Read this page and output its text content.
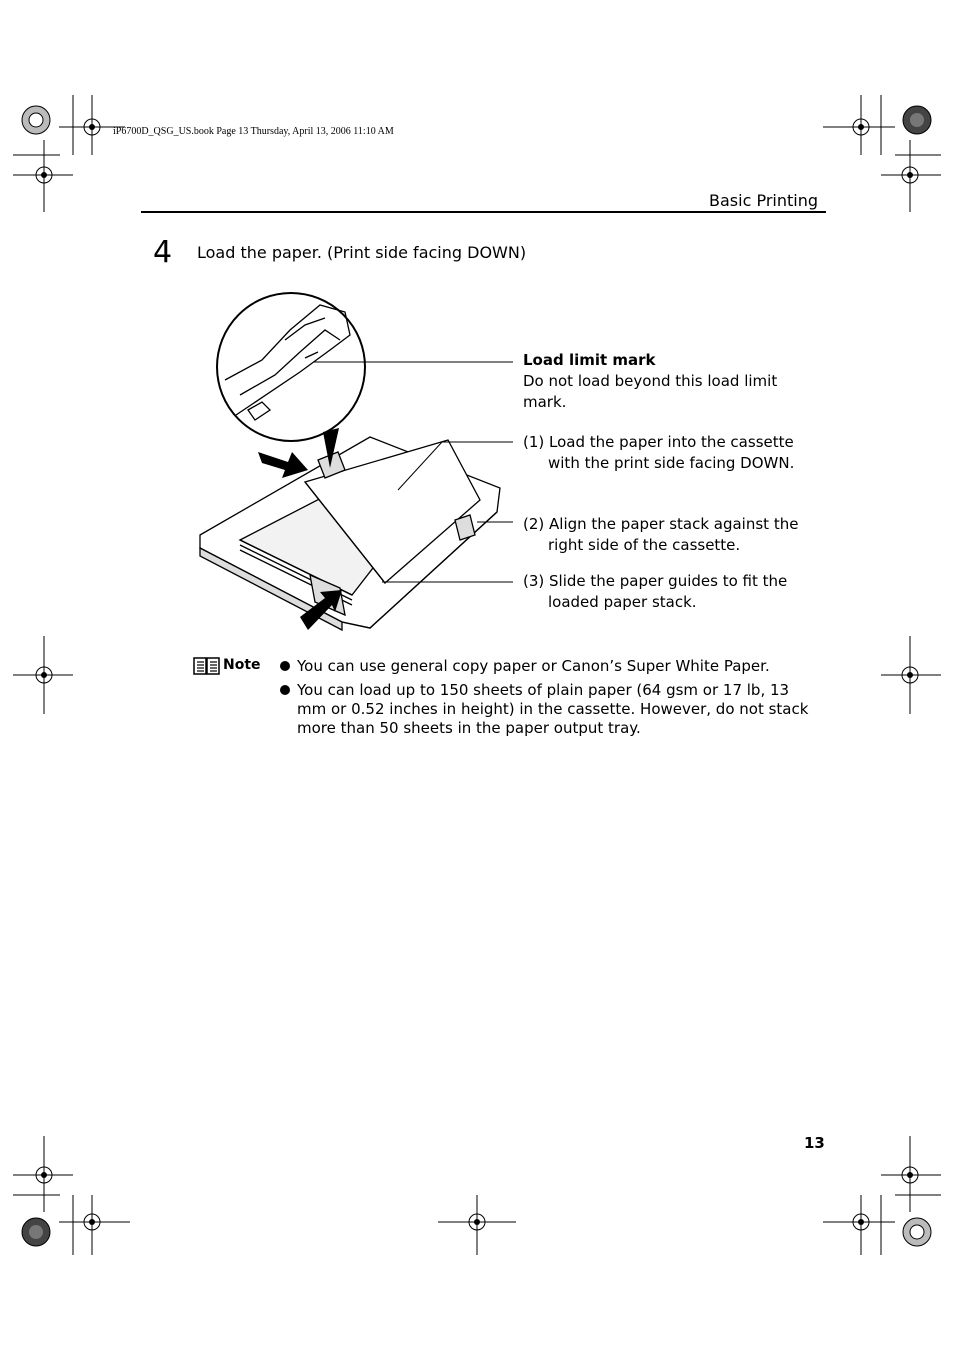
iP6700D_QSG_US.book Page 13 Thursday, April 13, 2006 11:10 AM
Basic Printing
4 Load the paper. (Print side facing DOWN)
Load limit mark
Do not load beyond this load limit mark.
(1) Load the paper into the cassette with the print side facing DOWN.
(2) Align the paper stack against the right side of the cassette.
(3) Slide the paper guides to fit the loaded paper stack.
Note	You can use general copy paper or Canon’s Super White Paper.
You can load up to 150 sheets of plain paper (64 gsm or 17 lb, 13 mm or 0.52 inches in height) in the cassette. However, do not stack more than 50 sheets in the paper output tray.
13
